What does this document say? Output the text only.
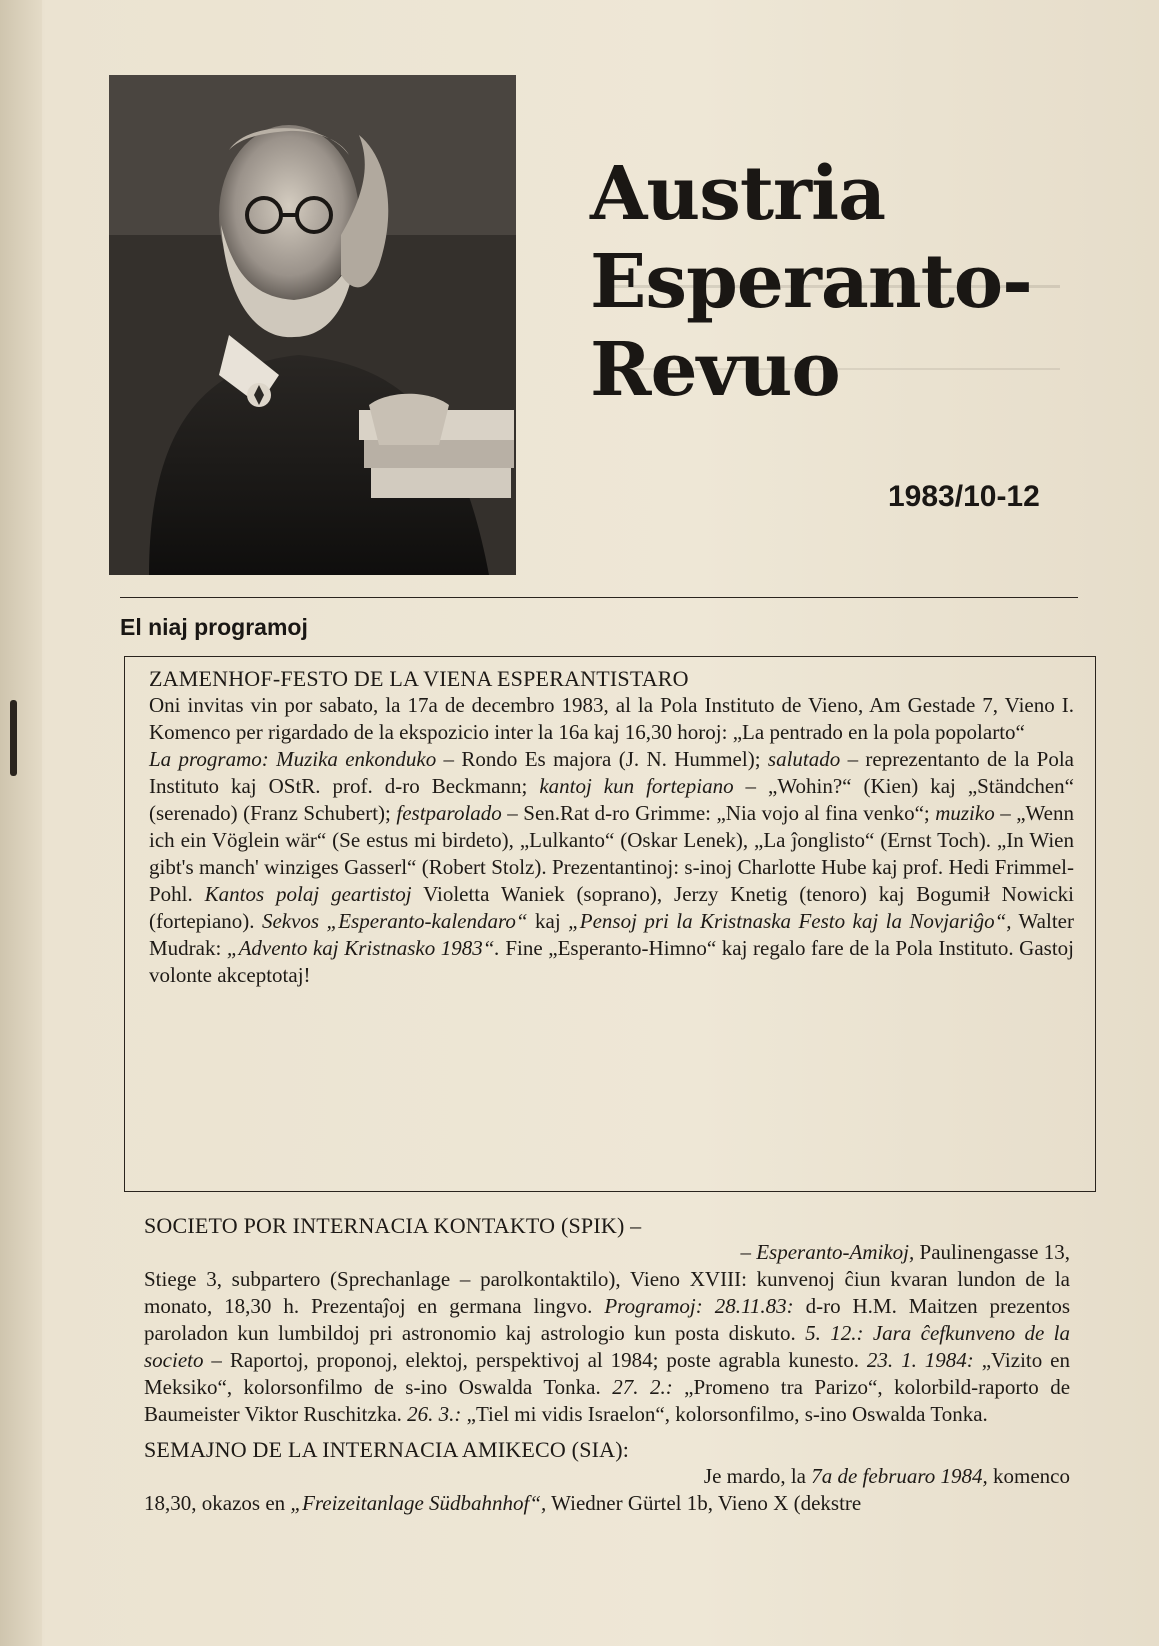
Austria
Esperanto-
Revuo
1983/10-12
El niaj programoj

ZAMENHOF-FESTO DE LA VIENA ESPERANTISTARO

Oni invitas vin por sabato, la 17a de decembro 1983, al la Pola Instituto de Vieno, Am Gestade 7, Vieno I. Komenco per rigardado de la ekspozicio inter la 16a kaj 16,30 horoj: „La pentrado en la pola popolarto“
La programo: Muzika enkonduko – Rondo Es majora (J. N. Hummel); salutado – reprezentanto de la Pola Instituto kaj OStR. prof. d-ro Beckmann; kantoj kun fortepiano – „Wohin?“ (Kien) kaj „Ständchen“ (serenado) (Franz Schubert); festparolado – Sen.Rat d-ro Grimme: „Nia vojo al fina venko“; muziko – „Wenn ich ein Vöglein wär“ (Se estus mi birdeto), „Lulkanto“ (Oskar Lenek), „La ĵonglisto“ (Ernst Toch). „In Wien gibt's manch' winziges Gasserl“ (Robert Stolz). Prezentantinoj: s-inoj Charlotte Hube kaj prof. Hedi Frimmel-Pohl. Kantos polaj geartistoj Violetta Waniek (soprano), Jerzy Knetig (tenoro) kaj Bogumił Nowicki (fortepiano). Sekvos „Esperanto-kalendaro“ kaj „Pensoj pri la Kristnaska Festo kaj la Novjariĝo“, Walter Mudrak: „Advento kaj Kristnasko 1983“. Fine „Esperanto-Himno“ kaj regalo fare de la Pola Instituto. Gastoj volonte akceptotaj!

SOCIETO POR INTERNACIA KONTAKTO (SPIK) –

– Esperanto-Amikoj, Paulinengasse 13,

Stiege 3, subpartero (Sprechanlage – parolkontaktilo), Vieno XVIII: kunvenoj ĉiun kvaran lundon de la monato, 18,30 h. Prezentaĵoj en germana lingvo. Programoj: 28.11.83: d-ro H.M. Maitzen prezentos paroladon kun lumbildoj pri astronomio kaj astrologio kun posta diskuto. 5. 12.: Jara ĉefkunveno de la societo – Raportoj, proponoj, elektoj, perspektivoj al 1984; poste agrabla kunesto. 23. 1. 1984: „Vizito en Meksiko“, kolorsonfilmo de s-ino Oswalda Tonka. 27. 2.: „Promeno tra Parizo“, kolorbild-raporto de Baumeister Viktor Ruschitzka. 26. 3.: „Tiel mi vidis Israelon“, kolorsonfilmo, s-ino Oswalda Tonka.

SEMAJNO DE LA INTERNACIA AMIKECO (SIA):

Je mardo, la 7a de februaro 1984, komenco

18,30, okazos en „Freizeitanlage Südbahnhof“, Wiedner Gürtel 1b, Vieno X (dekstre
